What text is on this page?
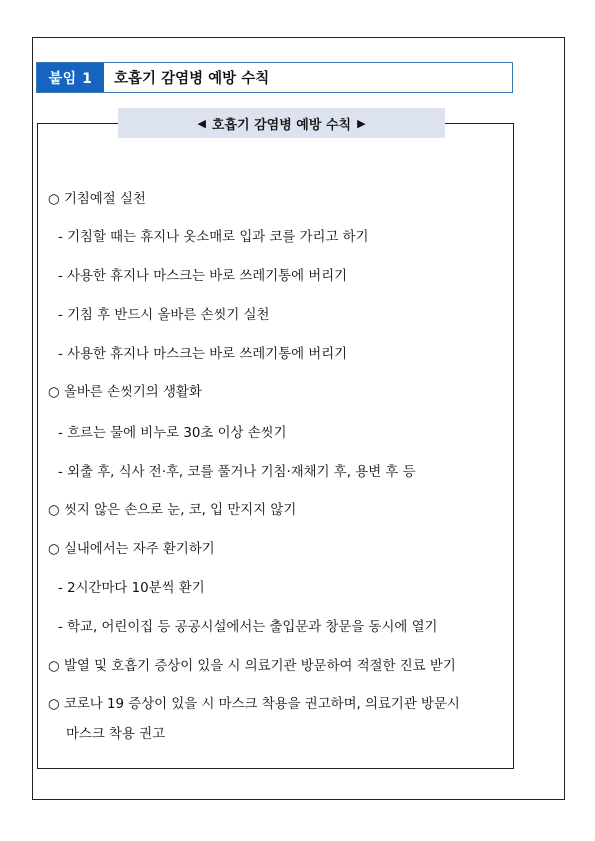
붙임 1	호흡기 감염병 예방 수칙
◀ 호흡기 감염병 예방 수칙 ▶
○ 기침예절 실천
- 기침할 때는 휴지나 옷소매로 입과 코를 가리고 하기
- 사용한 휴지나 마스크는 바로 쓰레기통에 버리기
- 기침 후 반드시 올바른 손씻기 실천
- 사용한 휴지나 마스크는 바로 쓰레기통에 버리기
○ 올바른 손씻기의 생활화
- 흐르는 물에 비누로 30초 이상 손씻기
- 외출 후, 식사 전·후, 코를 풀거나 기침·재채기 후, 용변 후 등
○ 씻지 않은 손으로 눈, 코, 입 만지지 않기
○ 실내에서는 자주 환기하기
- 2시간마다 10분씩 환기
- 학교, 어린이집 등 공공시설에서는 출입문과 창문을 동시에 열기
○ 발열 및 호흡기 증상이 있을 시 의료기관 방문하여 적절한 진료 받기
○ 코로나 19 증상이 있을 시 마스크 착용을 권고하며, 의료기관 방문시
마스크 착용 권고
